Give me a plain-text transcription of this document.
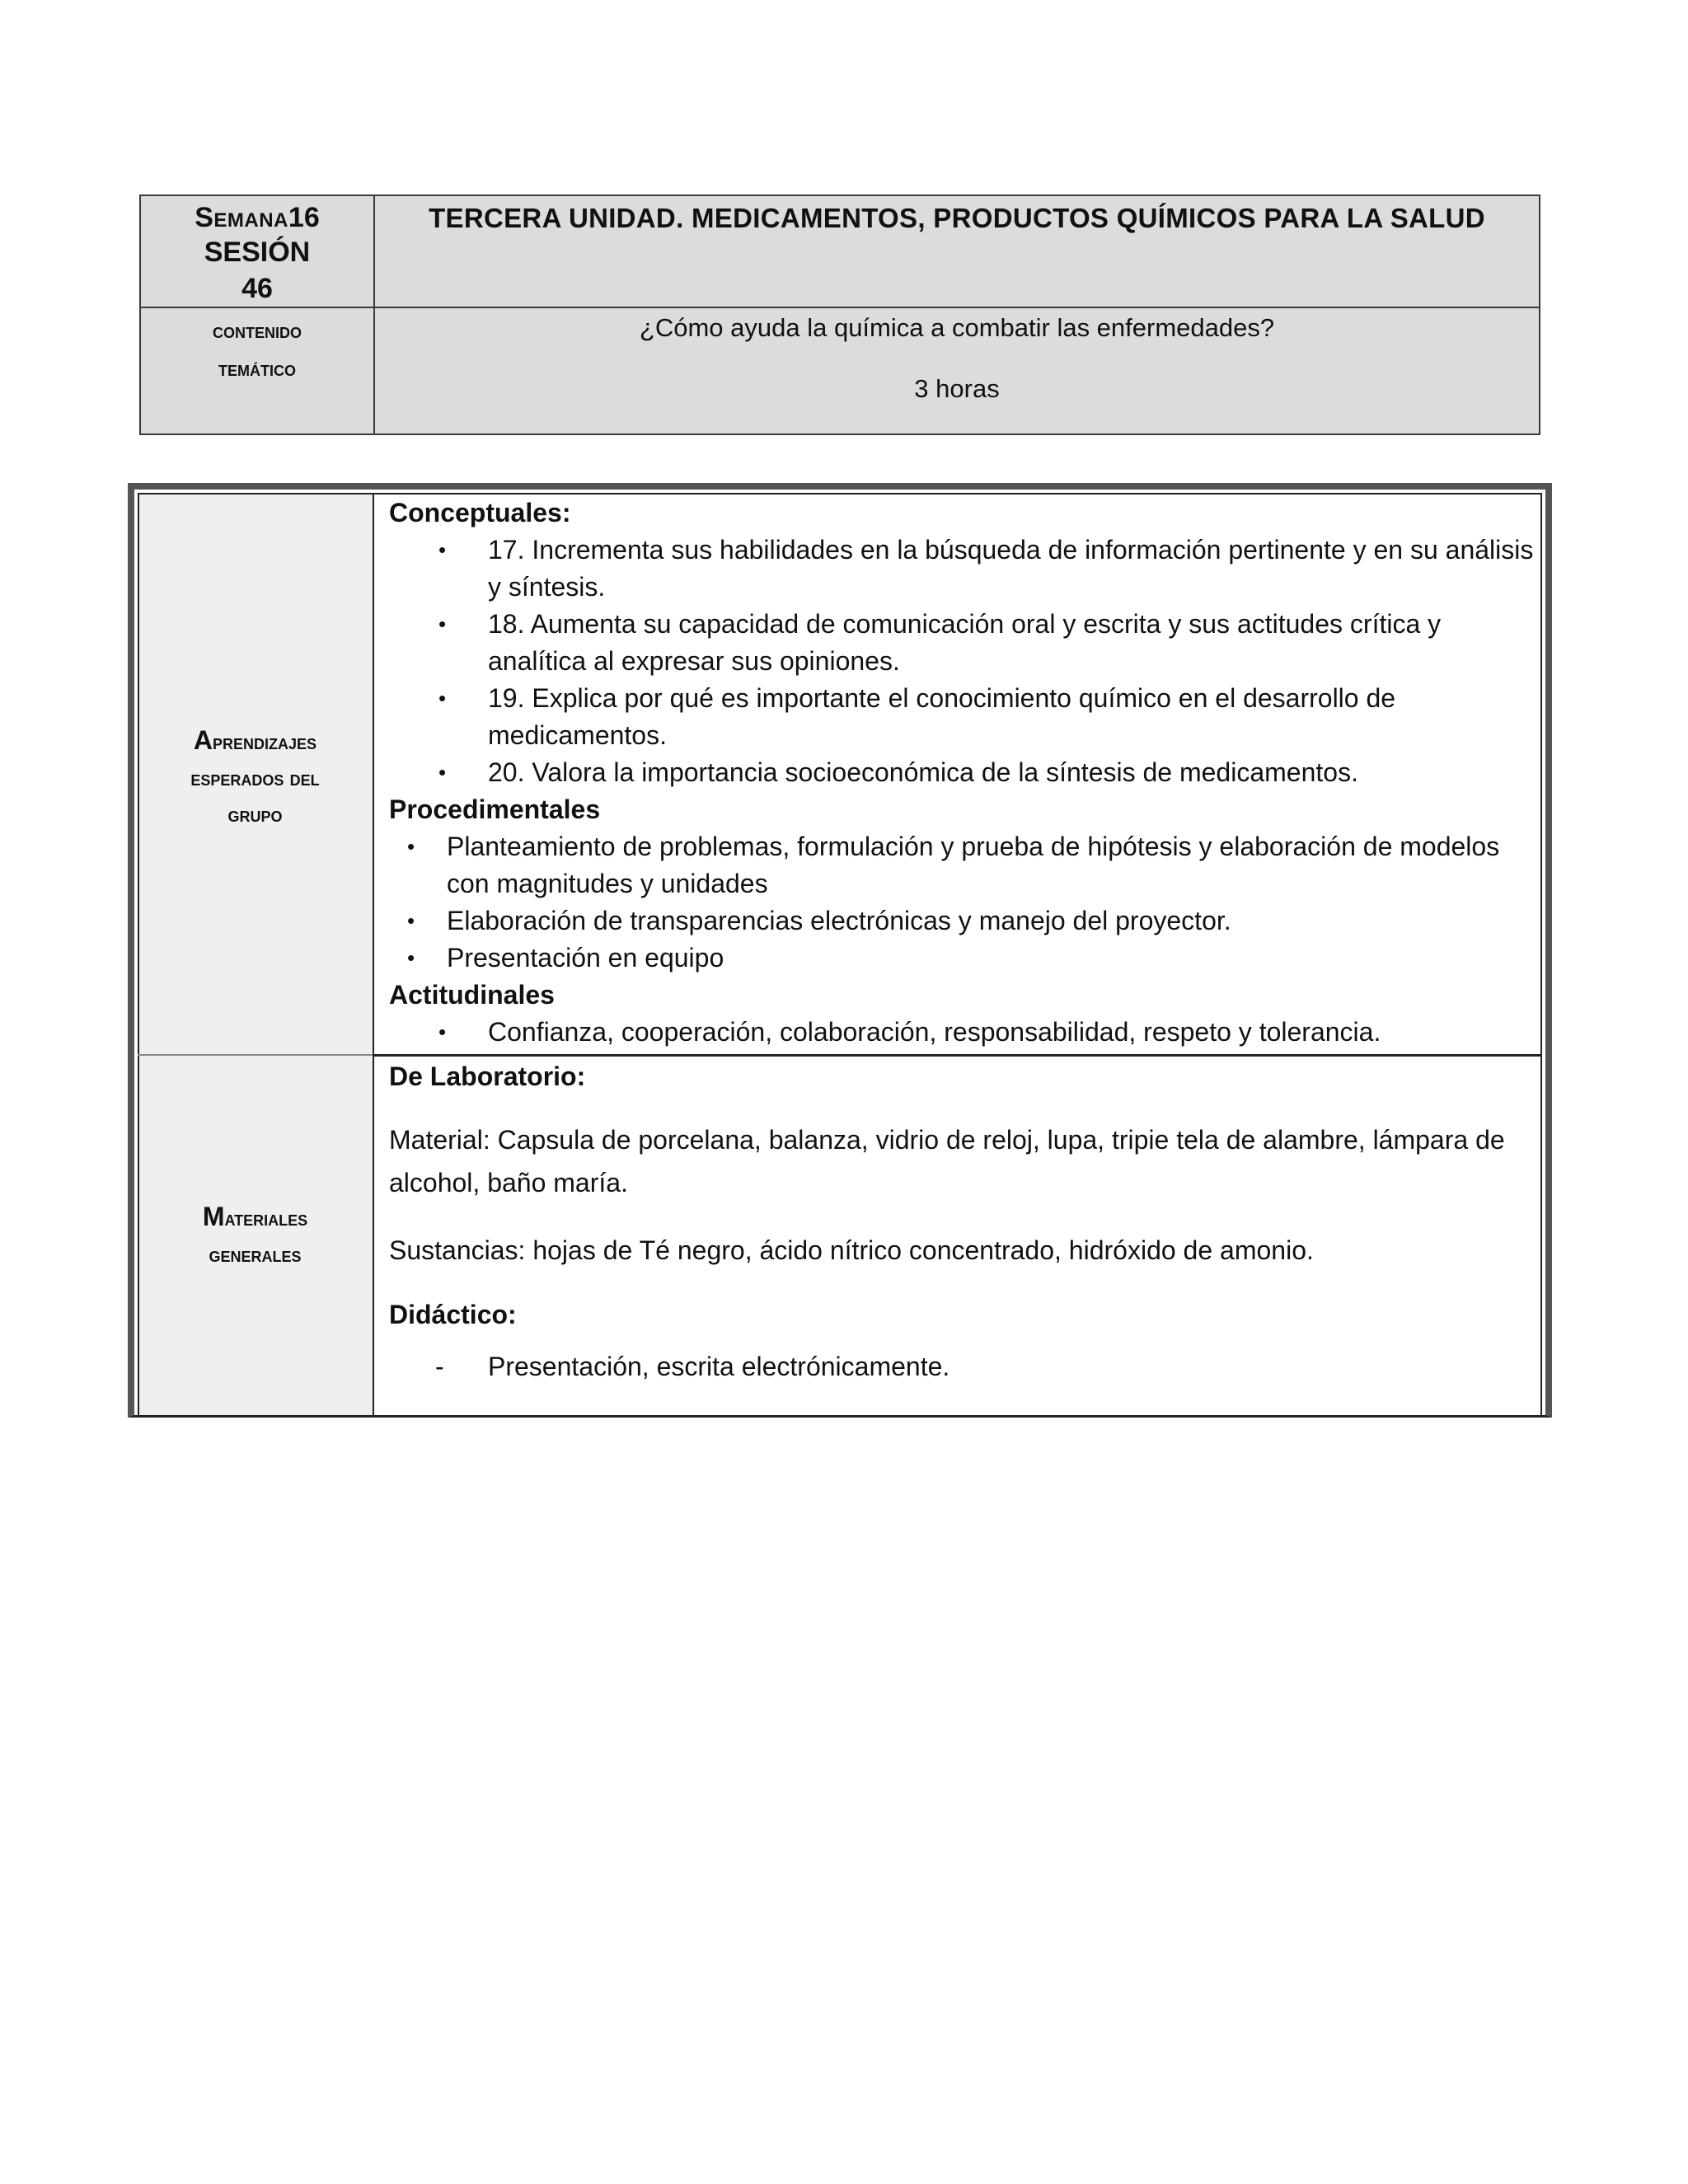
Semana16
SESIÓN
46
TERCERA UNIDAD. MEDICAMENTOS, PRODUCTOS QUÍMICOS PARA LA SALUD
contenido
temático
¿Cómo ayuda la química a combatir las enfermedades?
3 horas
Aprendizajes
esperados del
grupo
Conceptuales:
• 17. Incrementa sus habilidades en la búsqueda de información pertinente y en su análisis y síntesis.
• 18. Aumenta su capacidad de comunicación oral y escrita y sus actitudes crítica y analítica al expresar sus opiniones.
• 19. Explica por qué es importante el conocimiento químico en el desarrollo de medicamentos.
• 20. Valora la importancia socioeconómica de la síntesis de medicamentos.
Procedimentales
• Planteamiento de problemas, formulación y prueba de hipótesis y elaboración de modelos con magnitudes y unidades
• Elaboración de transparencias electrónicas y manejo del proyector.
• Presentación en equipo
Actitudinales
• Confianza, cooperación, colaboración, responsabilidad, respeto y tolerancia.
Materiales
generales
De Laboratorio:
Material: Capsula de porcelana, balanza, vidrio de reloj, lupa, tripie tela de alambre, lámpara de alcohol, baño maría.
Sustancias: hojas de Té negro, ácido nítrico concentrado, hidróxido de amonio.
Didáctico:
- Presentación, escrita electrónicamente.
